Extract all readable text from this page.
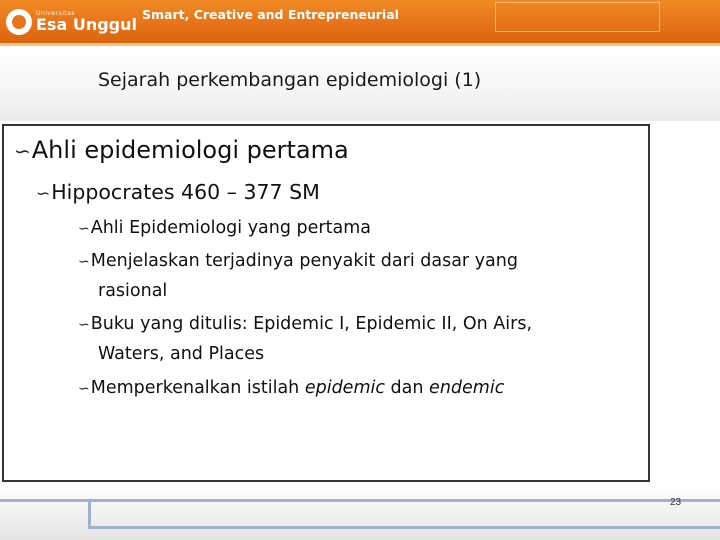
Universitas
Esa Unggul
Smart, Creative and Entrepreneurial
Sejarah perkembangan epidemiologi (1)
∽ Ahli epidemiologi pertama
∽ Hippocrates 460 – 377 SM
∽ Ahli Epidemiologi yang pertama
∽ Menjelaskan terjadinya penyakit dari dasar yang
rasional
∽ Buku yang ditulis: Epidemic I, Epidemic II, On Airs,
Waters, and Places
∽ Memperkenalkan istilah epidemic dan endemic
23
